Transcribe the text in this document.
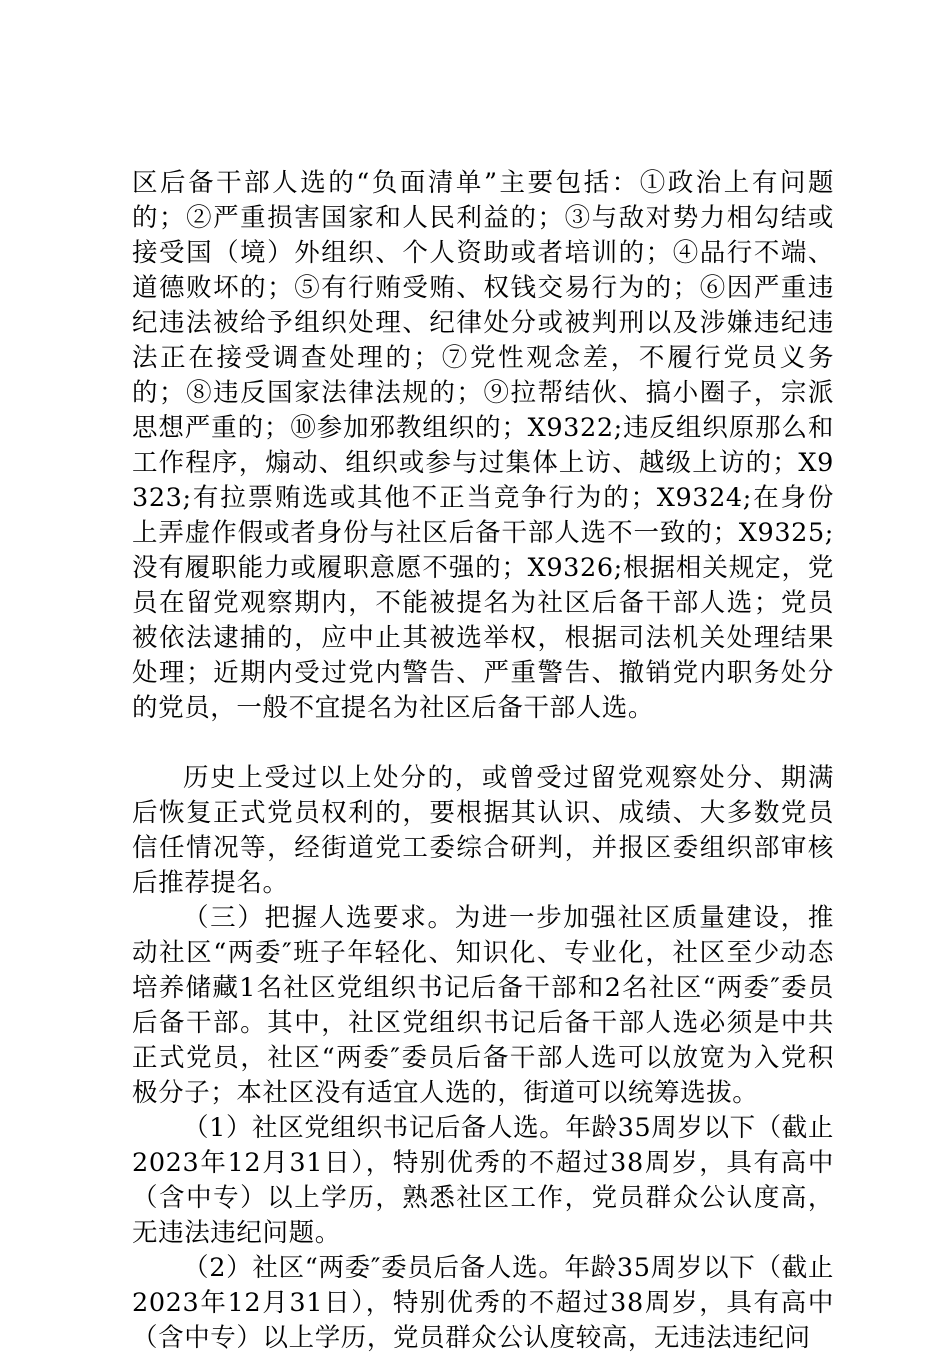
区后备干部人选的“负面清单”主要包括：①政治上有问题的；②严重损害国家和人民利益的；③与敌对势力相勾结或接受国（境）外组织、个人资助或者培训的；④品行不端、道德败坏的；⑤有行贿受贿、权钱交易行为的；⑥因严重违纪违法被给予组织处理、纪律处分或被判刑以及涉嫌违纪违法正在接受调查处理的；⑦党性观念差，不履行党员义务的；⑧违反国家法律法规的；⑨拉帮结伙、搞小圈子，宗派思想严重的；⑩参加邪教组织的；X9322;违反组织原那么和工作程序，煽动、组织或参与过集体上访、越级上访的；X9323;有拉票贿选或其他不正当竞争行为的；X9324;在身份上弄虚作假或者身份与社区后备干部人选不一致的；X9325;没有履职能力或履职意愿不强的；X9326;根据相关规定，党员在留党观察期内，不能被提名为社区后备干部人选；党员被依法逮捕的，应中止其被选举权，根据司法机关处理结果处理；近期内受过党内警告、严重警告、撤销党内职务处分的党员，一般不宜提名为社区后备干部人选。

历史上受过以上处分的，或曾受过留党观察处分、期满后恢复正式党员权利的，要根据其认识、成绩、大多数党员信任情况等，经街道党工委综合研判，并报区委组织部审核后推荐提名。

（三）把握人选要求。为进一步加强社区质量建设，推动社区“两委″班子年轻化、知识化、专业化，社区至少动态培养储藏1名社区党组织书记后备干部和2名社区“两委″委员后备干部。其中，社区党组织书记后备干部人选必须是中共正式党员，社区“两委″委员后备干部人选可以放宽为入党积极分子；本社区没有适宜人选的，街道可以统筹选拔。

（1）社区党组织书记后备人选。年龄35周岁以下（截止2023年12月31日），特别优秀的不超过38周岁，具有高中（含中专）以上学历，熟悉社区工作，党员群众公认度高，无违法违纪问题。

（2）社区“两委″委员后备人选。年龄35周岁以下（截止2023年12月31日），特别优秀的不超过38周岁，具有高中（含中专）以上学历，党员群众公认度较高，无违法违纪问
